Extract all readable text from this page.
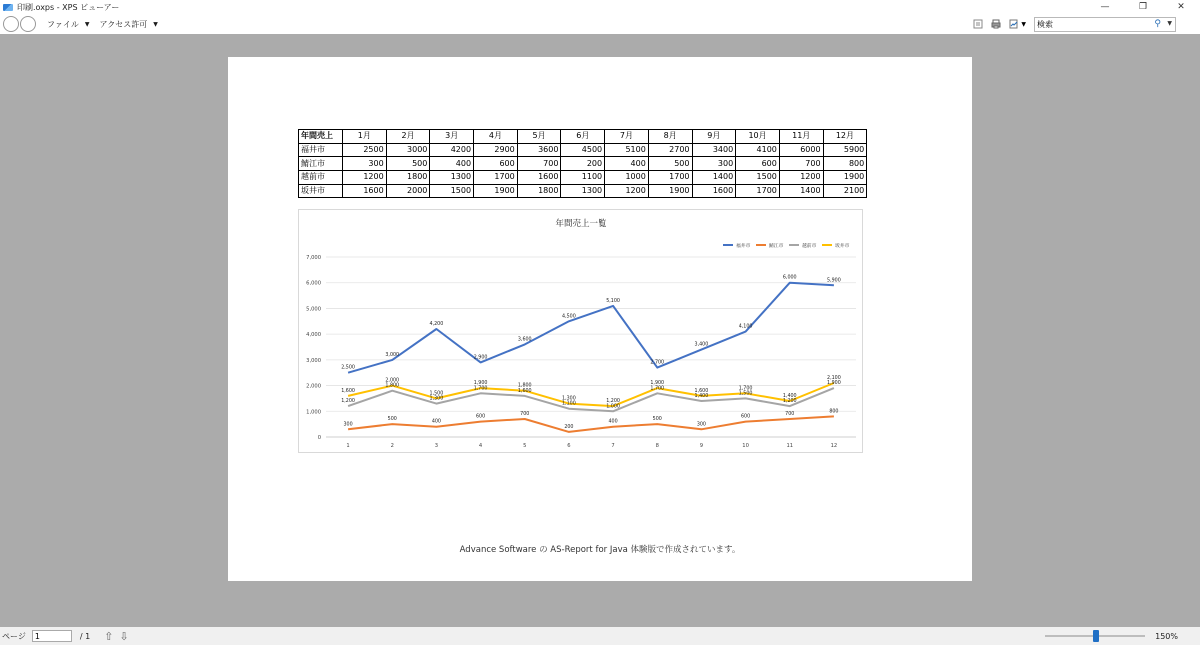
印刷.oxps - XPS ビューアー	—	❐	✕
ファイル ▼ アクセス許可 ▼	▼
検索	⚲ ▼
年間売上	1月	2月	3月	4月	5月	6月	7月	8月	9月	10月	11月	12月
福井市	2500	3000	4200	2900	3600	4500	5100	2700	3400	4100	6000	5900
鯖江市	300	500	400	600	700	200	400	500	300	600	700	800
越前市	1200	1800	1300	1700	1600	1100	1000	1700	1400	1500	1200	1900
坂井市	1600	2000	1500	1900	1800	1300	1200	1900	1600	1700	1400	2100
年間売上一覧
0
1,000
2,000
3,000
4,000
5,000
6,000
7,000
1	2	3	4	5	6	7	8	9	10	11	12
2,500
3,000
4,200
2,900
3,600
4,500
5,100
2,700
3,400
4,100
6,000
5,900
300
500
400
600
700
200
400
500
300
600
700
800
1,200
1,800
1,300
1,700
1,600
1,100
1,000
1,700
1,400
1,500
1,200
1,900
1,600
2,000
1,500
1,900
1,800
1,300
1,200
1,900
1,600
1,700
1,400
2,100
福井市	鯖江市	越前市	坂井市
Advance Software の AS-Report for Java 体験版で作成されています。
ページ
1	/ 1 ⇧ ⇩	150%
